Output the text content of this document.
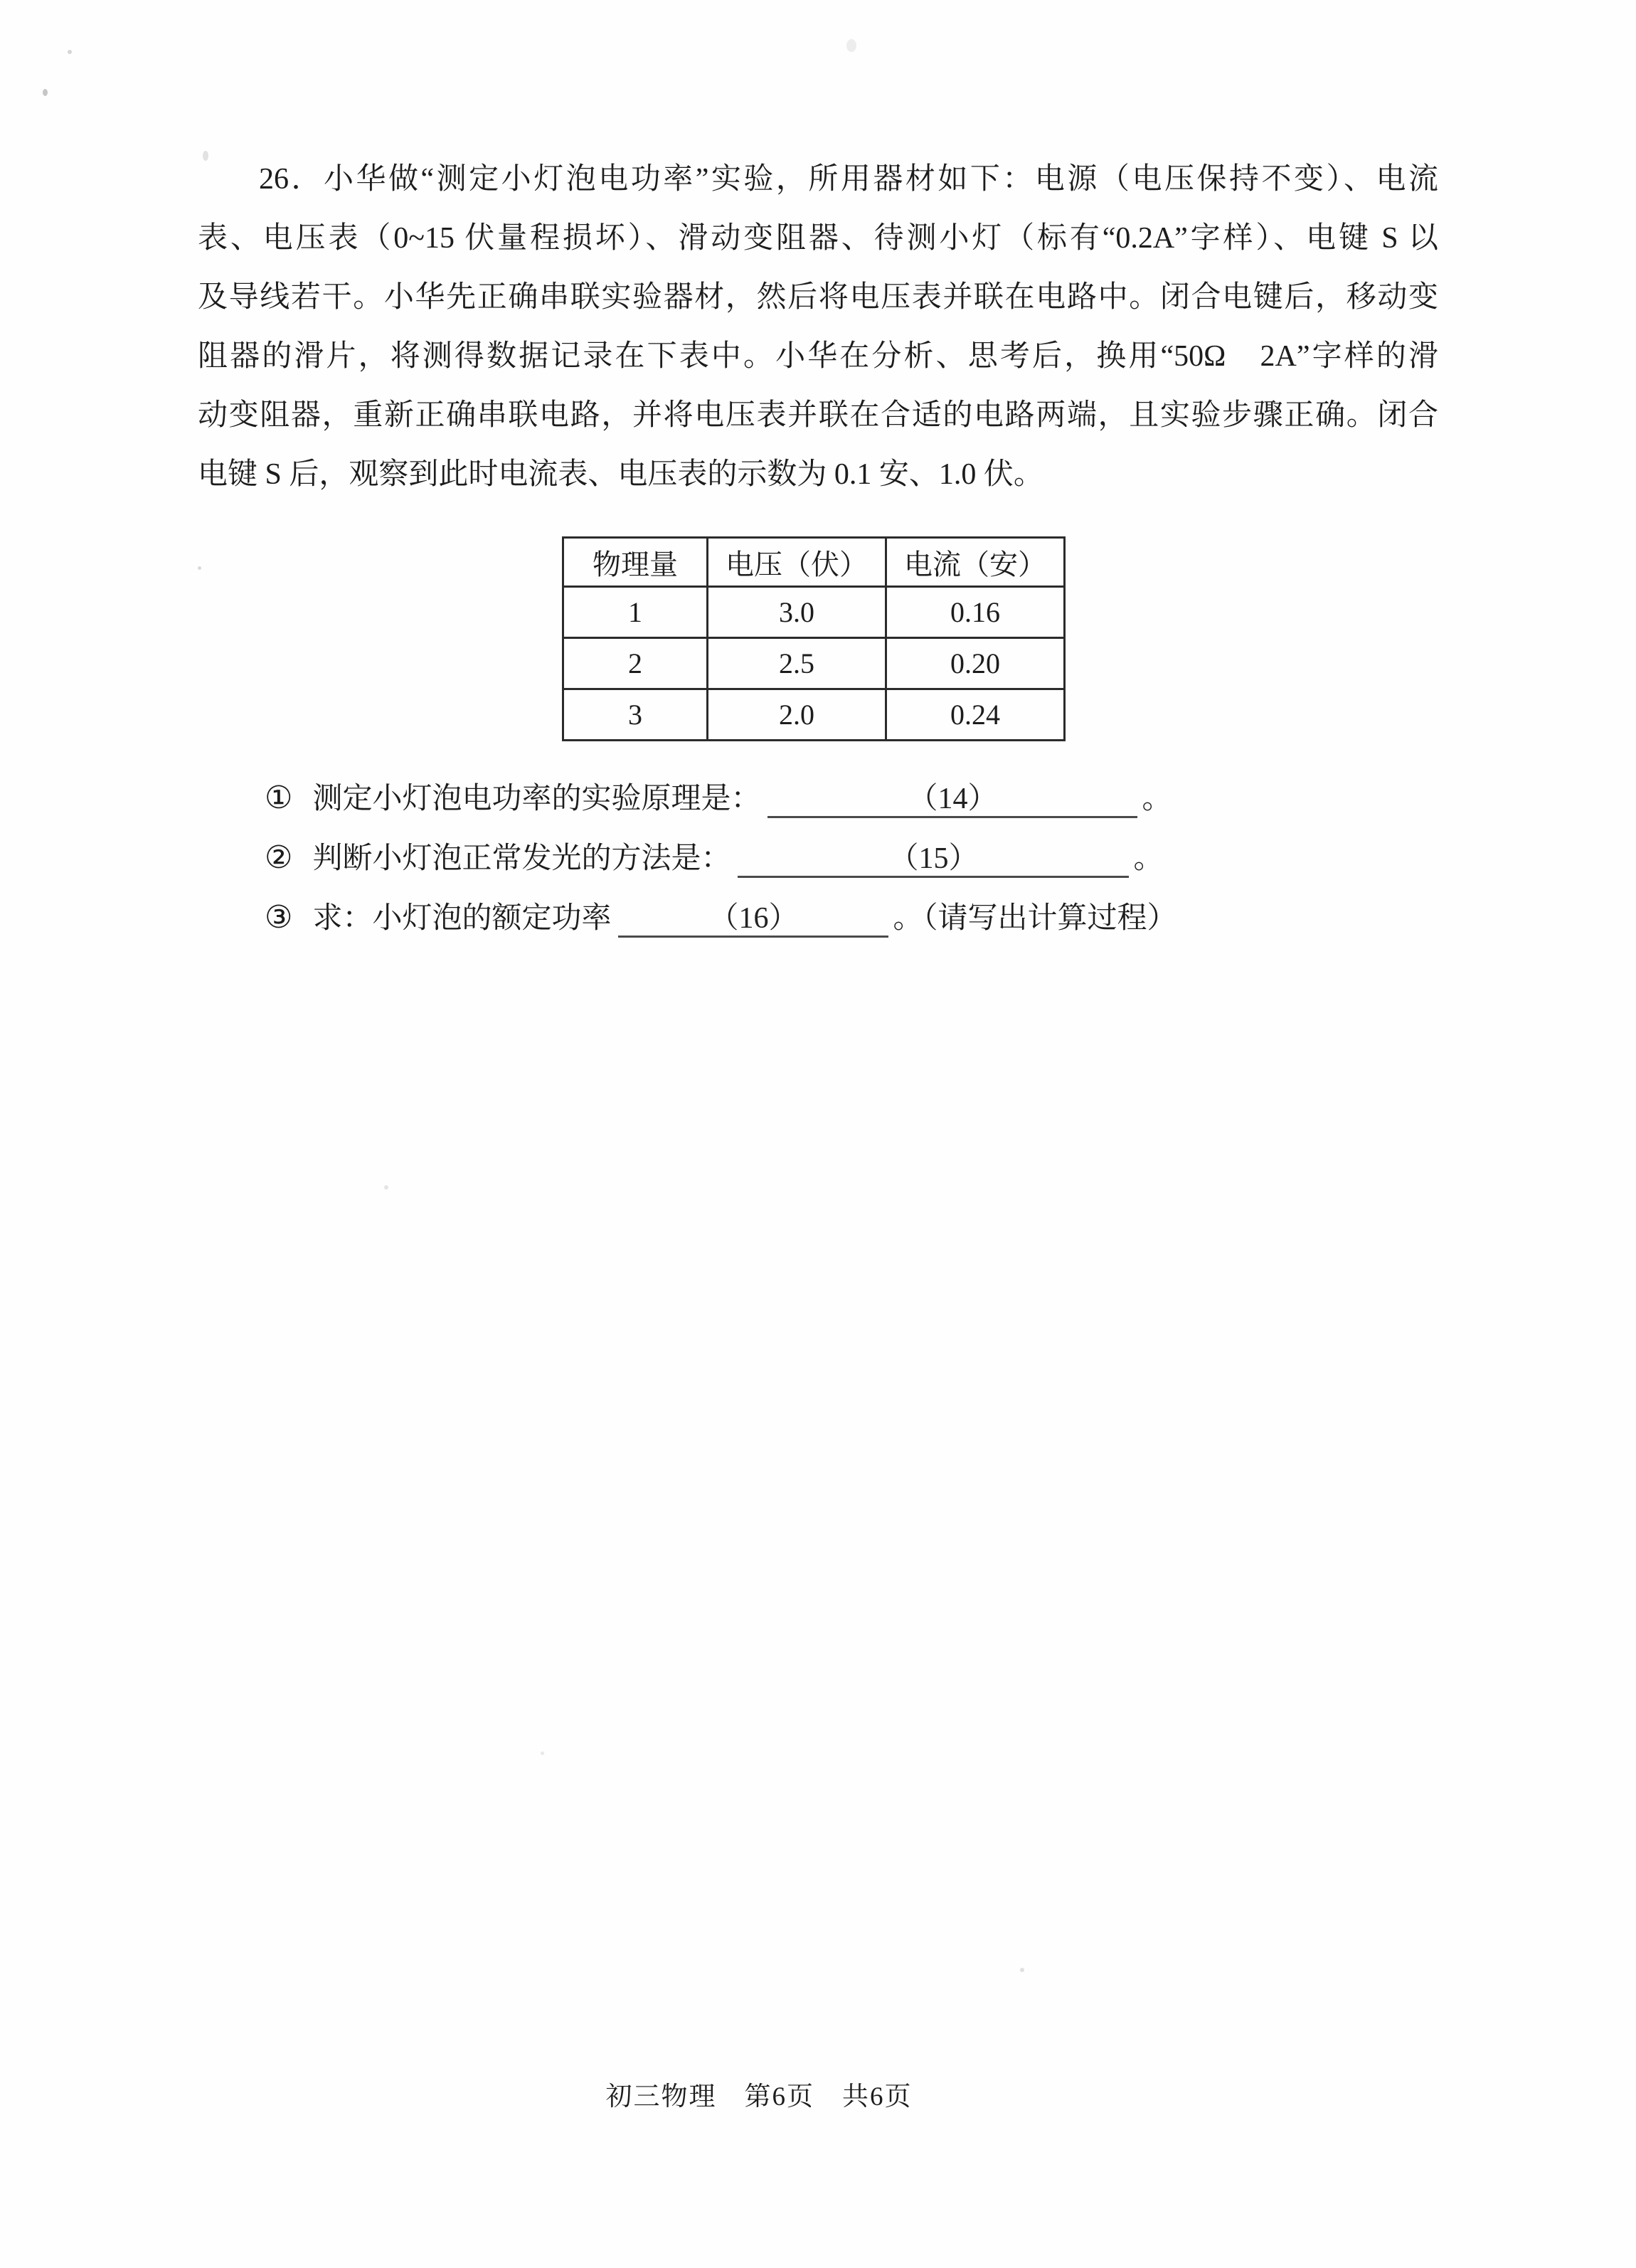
26．小华做“测定小灯泡电功率”实验，所用器材如下：电源（电压保持不变）、电流
表、电压表（0~15 伏量程损坏）、滑动变阻器、待测小灯（标有“0.2A”字样）、电键 S 以
及导线若干。小华先正确串联实验器材，然后将电压表并联在电路中。闭合电键后，移动变
阻器的滑片，将测得数据记录在下表中。小华在分析、思考后，换用“50Ω　2A”字样的滑
动变阻器，重新正确串联电路，并将电压表并联在合适的电路两端，且实验步骤正确。闭合
电键 S 后，观察到此时电流表、电压表的示数为 0.1 安、1.0 伏。
物理量	电压（伏）	电流（安）
1	3.0	0.16
2	2.5	0.20
3	2.0	0.24
① 测定小灯泡电功率的实验原理是：	（14）	。
② 判断小灯泡正常发光的方法是：	（15）	。
③ 求：小灯泡的额定功率	（16）	。（请写出计算过程）
初三物理　第6页　共6页
